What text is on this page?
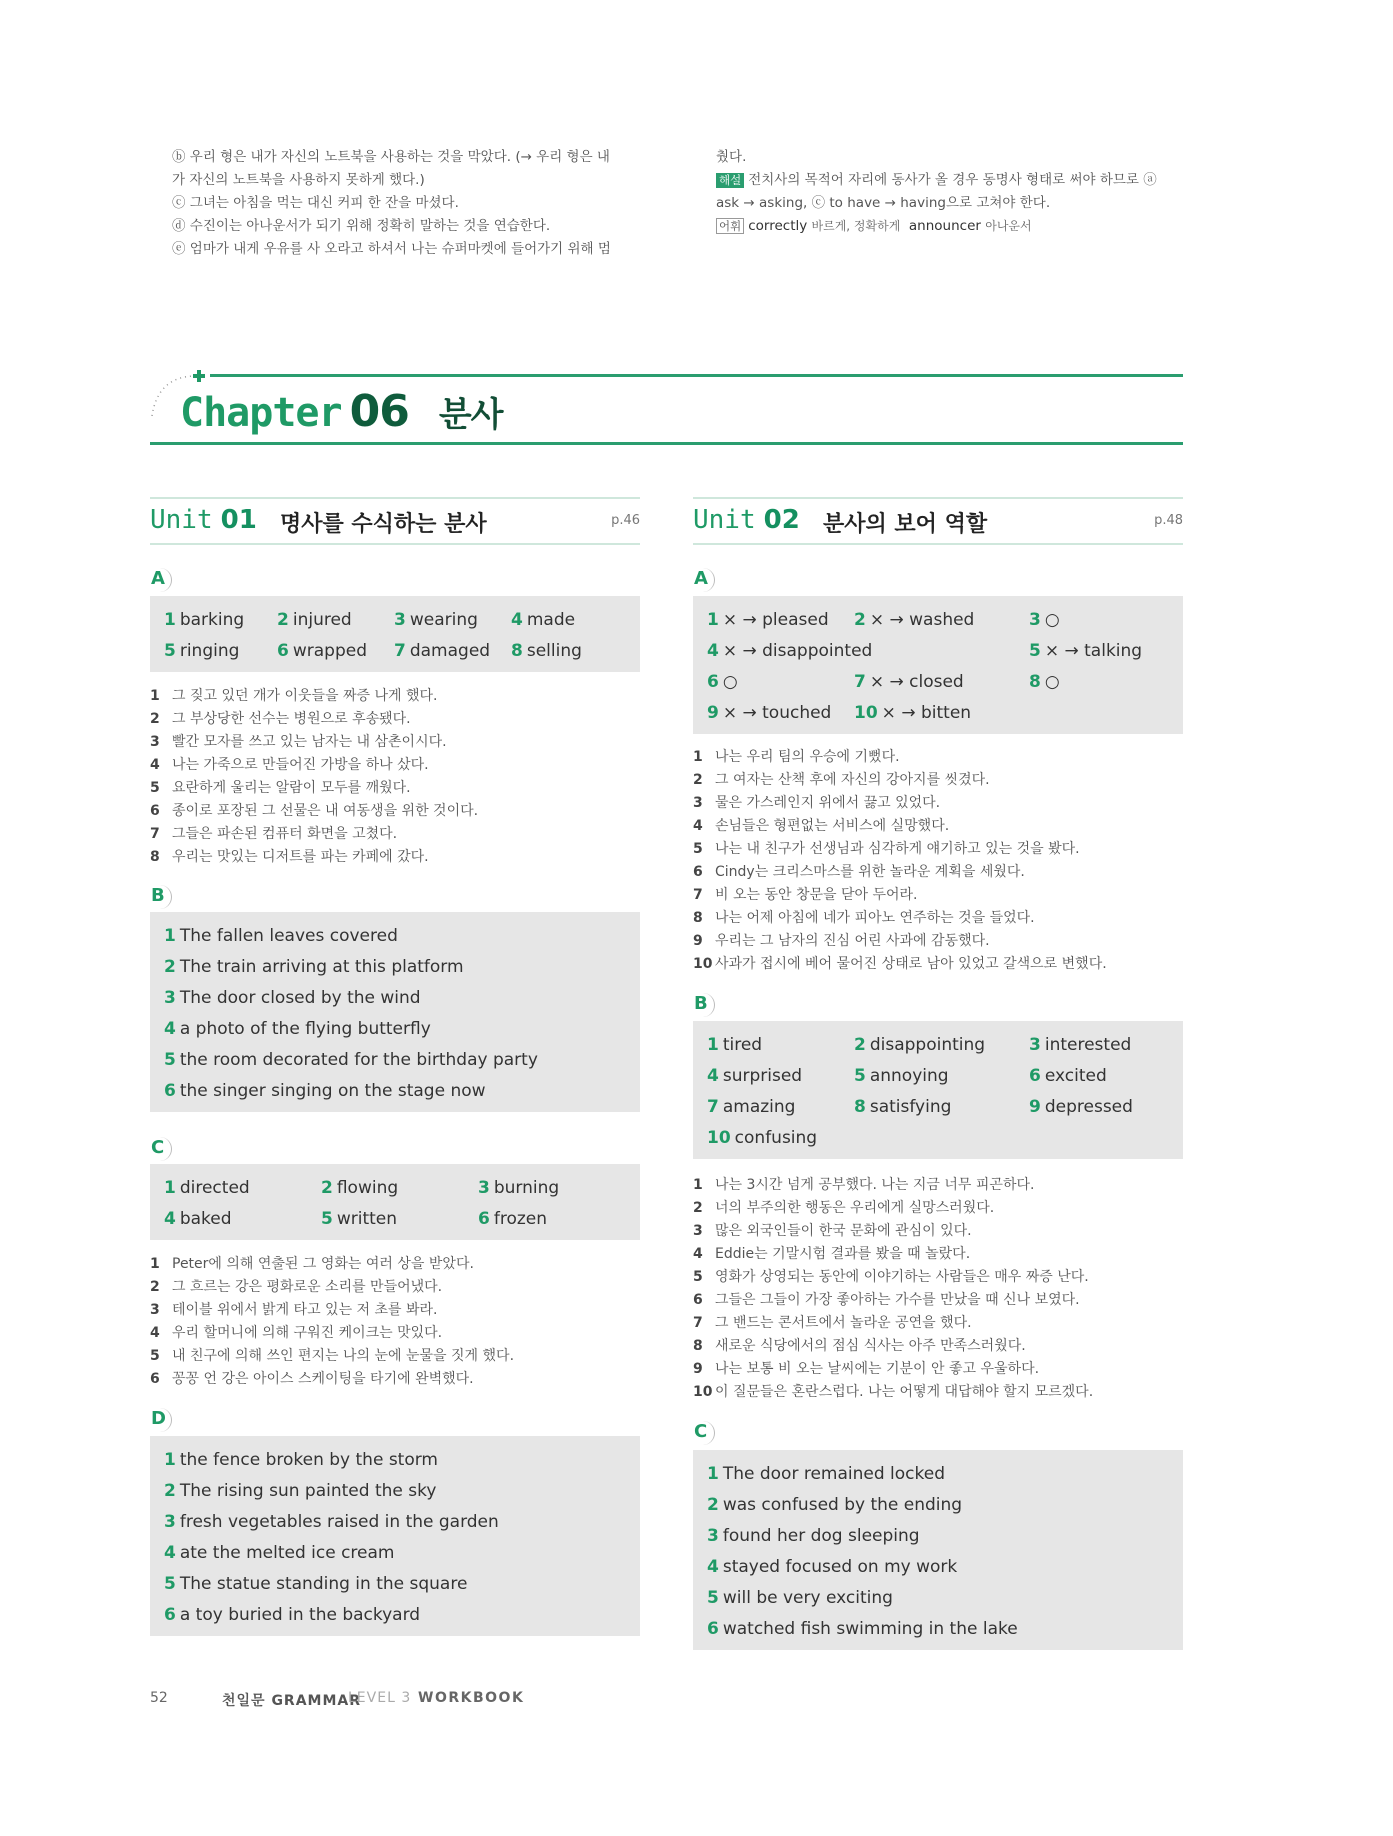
ⓑ 우리 형은 내가 자신의 노트북을 사용하는 것을 막았다. (→ 우리 형은 내
가 자신의 노트북을 사용하지 못하게 했다.)
ⓒ 그녀는 아침을 먹는 대신 커피 한 잔을 마셨다.
ⓓ 수진이는 아나운서가 되기 위해 정확히 말하는 것을 연습한다.
ⓔ 엄마가 내게 우유를 사 오라고 하셔서 나는 슈퍼마켓에 들어가기 위해 멈
췄다.
해설 전치사의 목적어 자리에 동사가 올 경우 동명사 형태로 써야 하므로 ⓐ
ask → asking, ⓒ to have → having으로 고쳐야 한다.
어휘 correctly 바르게, 정확하게 announcer 아나운서
Chapter 06 분사
Unit 01 명사를 수식하는 분사	p.46 Unit 02 분사의 보어 역할	p.48
A
1 barking	2 injured	3 wearing	4 made
5 ringing	6 wrapped	7 damaged	8 selling
1 그 짖고 있던 개가 이웃들을 짜증 나게 했다.
2 그 부상당한 선수는 병원으로 후송됐다.
3 빨간 모자를 쓰고 있는 남자는 내 삼촌이시다.
4 나는 가죽으로 만들어진 가방을 하나 샀다.
5 요란하게 울리는 알람이 모두를 깨웠다.
6 종이로 포장된 그 선물은 내 여동생을 위한 것이다.
7 그들은 파손된 컴퓨터 화면을 고쳤다.
8 우리는 맛있는 디저트를 파는 카페에 갔다.
B
1 The fallen leaves covered
2 The train arriving at this platform
3 The door closed by the wind
4 a photo of the flying butterfly
5 the room decorated for the birthday party
6 the singer singing on the stage now
C
1 directed	2 flowing	3 burning
4 baked	5 written	6 frozen
1 Peter에 의해 연출된 그 영화는 여러 상을 받았다.
2 그 흐르는 강은 평화로운 소리를 만들어냈다.
3 테이블 위에서 밝게 타고 있는 저 초를 봐라.
4 우리 할머니에 의해 구워진 케이크는 맛있다.
5 내 친구에 의해 쓰인 편지는 나의 눈에 눈물을 짓게 했다.
6 꽁꽁 언 강은 아이스 스케이팅을 타기에 완벽했다.
D
1 the fence broken by the storm
2 The rising sun painted the sky
3 fresh vegetables raised in the garden
4 ate the melted ice cream
5 The statue standing in the square
6 a toy buried in the backyard
A
1 × → pleased	2 × → washed	3 ○
4 × → disappointed	5 × → talking
6 ○	7 × → closed	8 ○
9 × → touched	10 × → bitten
1 나는 우리 팀의 우승에 기뻤다.
2 그 여자는 산책 후에 자신의 강아지를 씻겼다.
3 물은 가스레인지 위에서 끓고 있었다.
4 손님들은 형편없는 서비스에 실망했다.
5 나는 내 친구가 선생님과 심각하게 얘기하고 있는 것을 봤다.
6 Cindy는 크리스마스를 위한 놀라운 계획을 세웠다.
7 비 오는 동안 창문을 닫아 두어라.
8 나는 어제 아침에 네가 피아노 연주하는 것을 들었다.
9 우리는 그 남자의 진심 어린 사과에 감동했다.
10 사과가 접시에 베어 물어진 상태로 남아 있었고 갈색으로 변했다.
B
1 tired	2 disappointing	3 interested
4 surprised	5 annoying	6 excited
7 amazing	8 satisfying	9 depressed
10 confusing
1 나는 3시간 넘게 공부했다. 나는 지금 너무 피곤하다.
2 너의 부주의한 행동은 우리에게 실망스러웠다.
3 많은 외국인들이 한국 문화에 관심이 있다.
4 Eddie는 기말시험 결과를 봤을 때 놀랐다.
5 영화가 상영되는 동안에 이야기하는 사람들은 매우 짜증 난다.
6 그들은 그들이 가장 좋아하는 가수를 만났을 때 신나 보였다.
7 그 밴드는 콘서트에서 놀라운 공연을 했다.
8 새로운 식당에서의 점심 식사는 아주 만족스러웠다.
9 나는 보통 비 오는 날씨에는 기분이 안 좋고 우울하다.
10 이 질문들은 혼란스럽다. 나는 어떻게 대답해야 할지 모르겠다.
C
1 The door remained locked
2 was confused by the ending
3 found her dog sleeping
4 stayed focused on my work
5 will be very exciting
6 watched fish swimming in the lake
52	천일문 GRAMMAR
LEVEL 3 WORKBOOK
